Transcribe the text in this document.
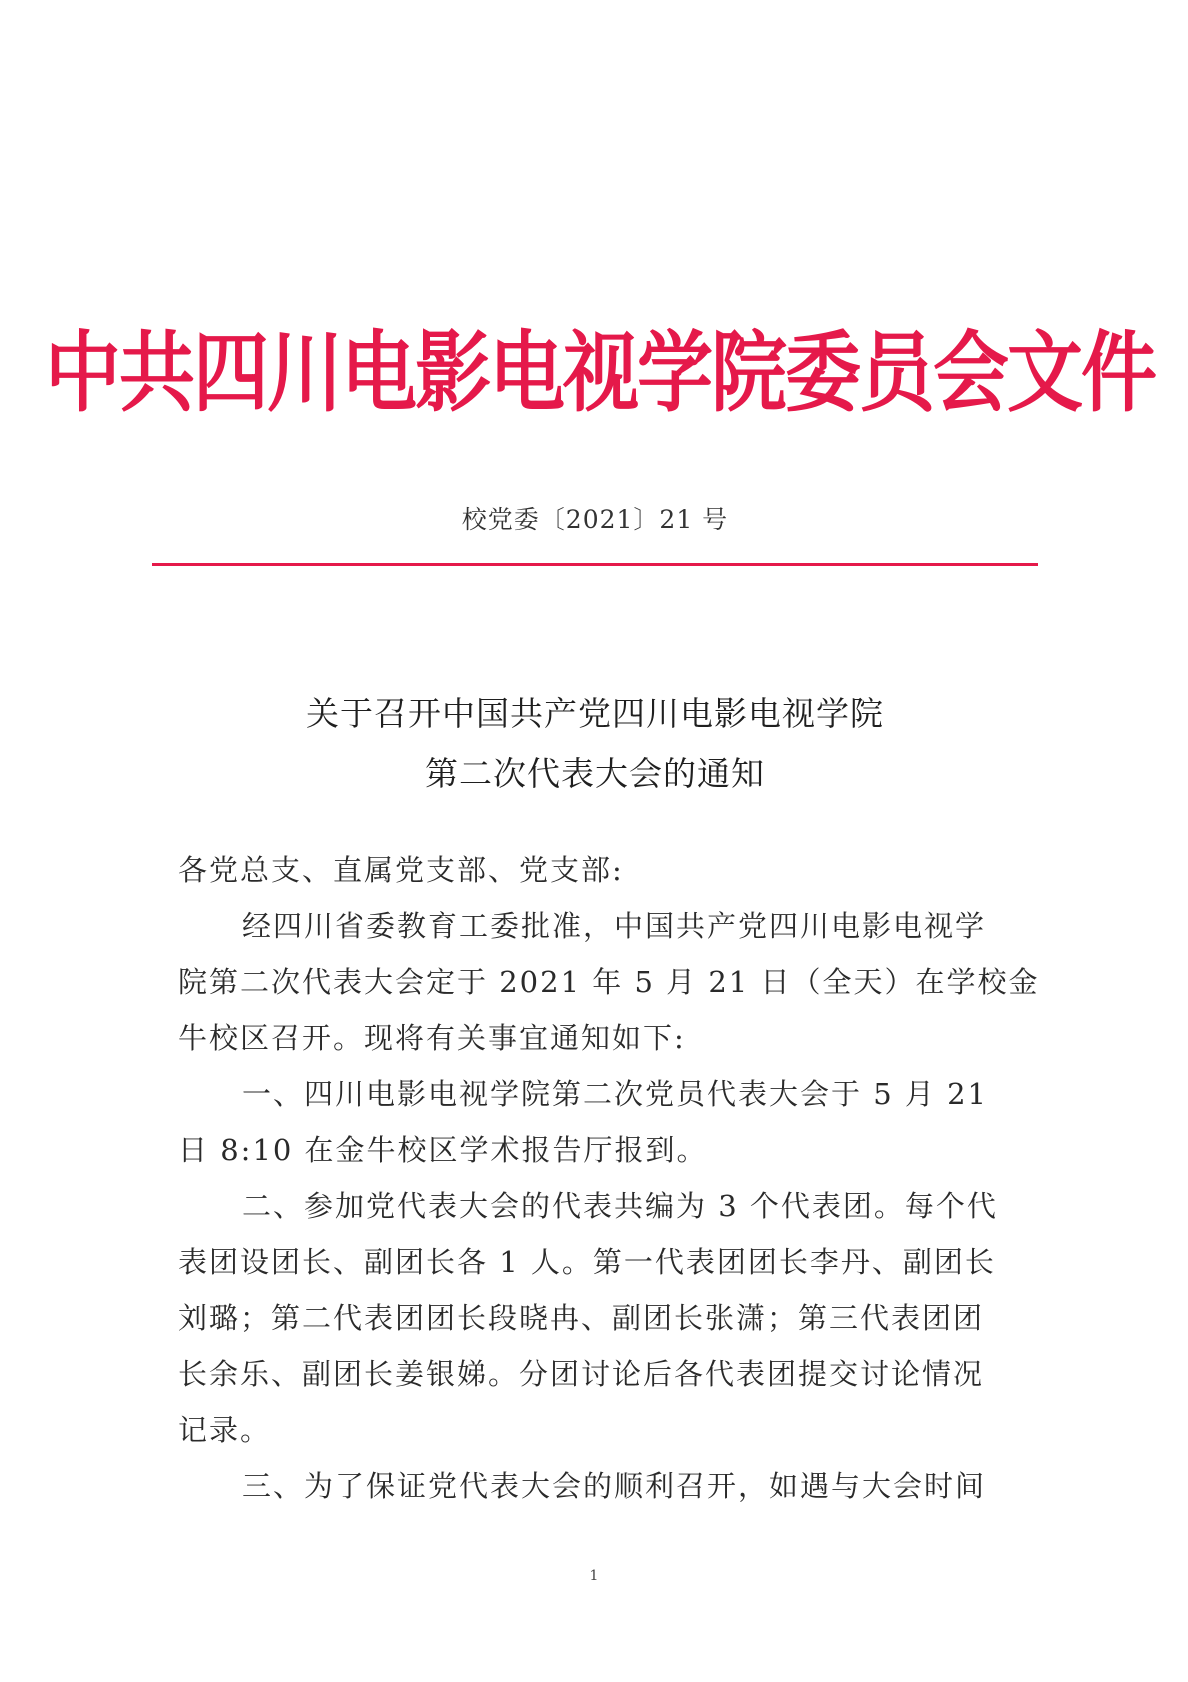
中共四川电影电视学院委员会文件
校党委〔2021〕21 号
关于召开中国共产党四川电影电视学院
第二次代表大会的通知
各党总支、直属党支部、党支部:
经四川省委教育工委批准，中国共产党四川电影电视学
院第二次代表大会定于 2021 年 5 月 21 日（全天）在学校金
牛校区召开。现将有关事宜通知如下:
一、四川电影电视学院第二次党员代表大会于 5 月 21
日 8:10 在金牛校区学术报告厅报到。
二、参加党代表大会的代表共编为 3 个代表团。每个代
表团设团长、副团长各 1 人。第一代表团团长李丹、副团长
刘璐；第二代表团团长段晓冉、副团长张潇；第三代表团团
长余乐、副团长姜银娣。分团讨论后各代表团提交讨论情况
记录。
三、为了保证党代表大会的顺利召开，如遇与大会时间
1
